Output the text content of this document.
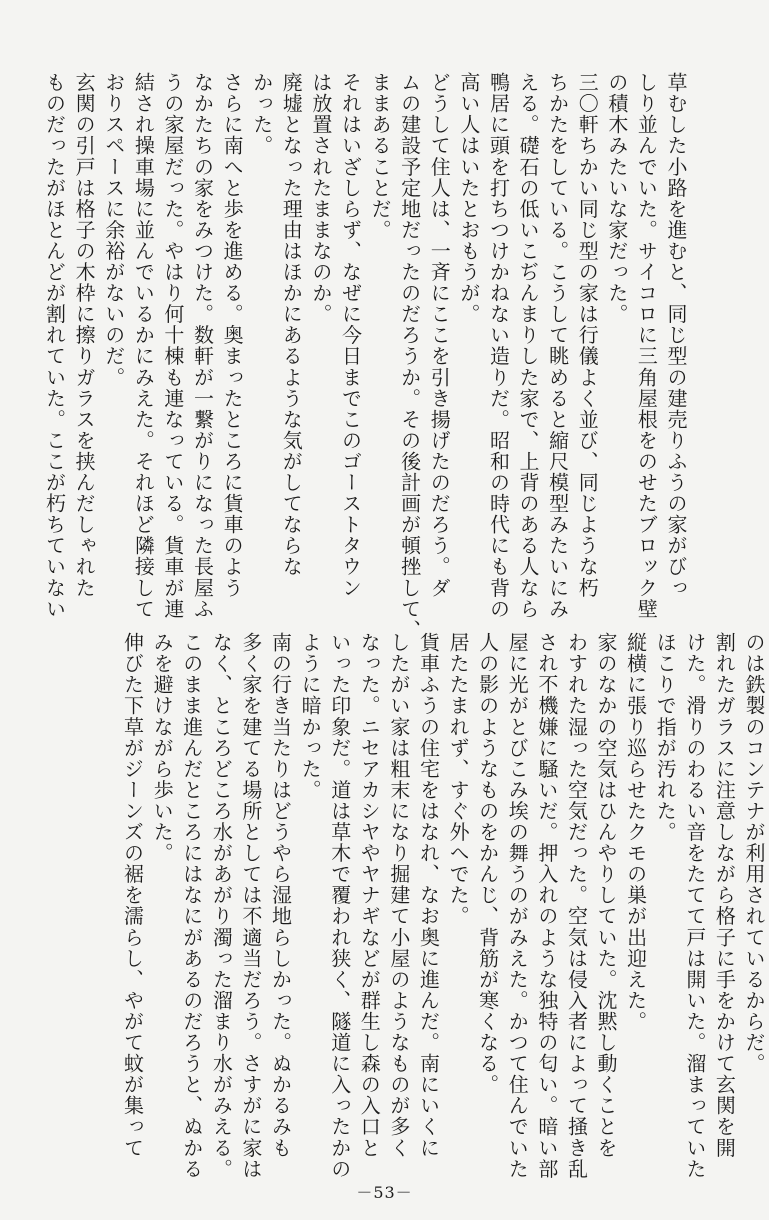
草むした小路を進むと、同じ型の建売りふうの家がびっ
しり並んでいた。サイコロに三角屋根をのせたブロック壁
の積木みたいな家だった。
三〇軒ちかい同じ型の家は行儀よく並び、同じような朽
ちかたをしている。こうして眺めると縮尺模型みたいにみ
える。礎石の低いこぢんまりした家で、上背のある人なら
鴨居に頭を打ちつけかねない造りだ。昭和の時代にも背の
高い人はいたとおもうが。
どうして住人は、一斉にここを引き揚げたのだろう。ダ
ムの建設予定地だったのだろうか。その後計画が頓挫して、
ままあることだ。
それはいざしらず、なぜに今日までこのゴーストタウン
は放置されたままなのか。
廃墟となった理由はほかにあるような気がしてならな
かった。
さらに南へと歩を進める。奥まったところに貨車のよう
なかたちの家をみつけた。数軒が一繋がりになった長屋ふ
うの家屋だった。やはり何十棟も連なっている。貨車が連
結され操車場に並んでいるかにみえた。それほど隣接して
おりスペースに余裕がないのだ。
玄関の引戸は格子の木枠に擦りガラスを挟んだしゃれた
ものだったがほとんどが割れていた。ここが朽ちていない
のは鉄製のコンテナが利用されているからだ。
割れたガラスに注意しながら格子に手をかけて玄関を開
けた。滑りのわるい音をたてて戸は開いた。溜まっていた
ほこりで指が汚れた。
縦横に張り巡らせたクモの巣が出迎えた。
家のなかの空気はひんやりしていた。沈黙し動くことを
わすれた湿った空気だった。空気は侵入者によって掻き乱
され不機嫌に騒いだ。押入れのような独特の匂い。暗い部
屋に光がとびこみ埃の舞うのがみえた。かつて住んでいた
人の影のようなものをかんじ、背筋が寒くなる。
居たたまれず、すぐ外へでた。
貨車ふうの住宅をはなれ、なお奥に進んだ。南にいくに
したがい家は粗末になり掘建て小屋のようなものが多く
なった。ニセアカシヤやヤナギなどが群生し森の入口と
いった印象だ。道は草木で覆われ狭く、隧道に入ったかの
ように暗かった。
南の行き当たりはどうやら湿地らしかった。ぬかるみも
多く家を建てる場所としては不適当だろう。さすがに家は
なく、ところどころ水があがり濁った溜まり水がみえる。
このまま進んだところにはなにがあるのだろうと、ぬかる
みを避けながら歩いた。
伸びた下草がジーンズの裾を濡らし、やがて蚊が集って
－53－
